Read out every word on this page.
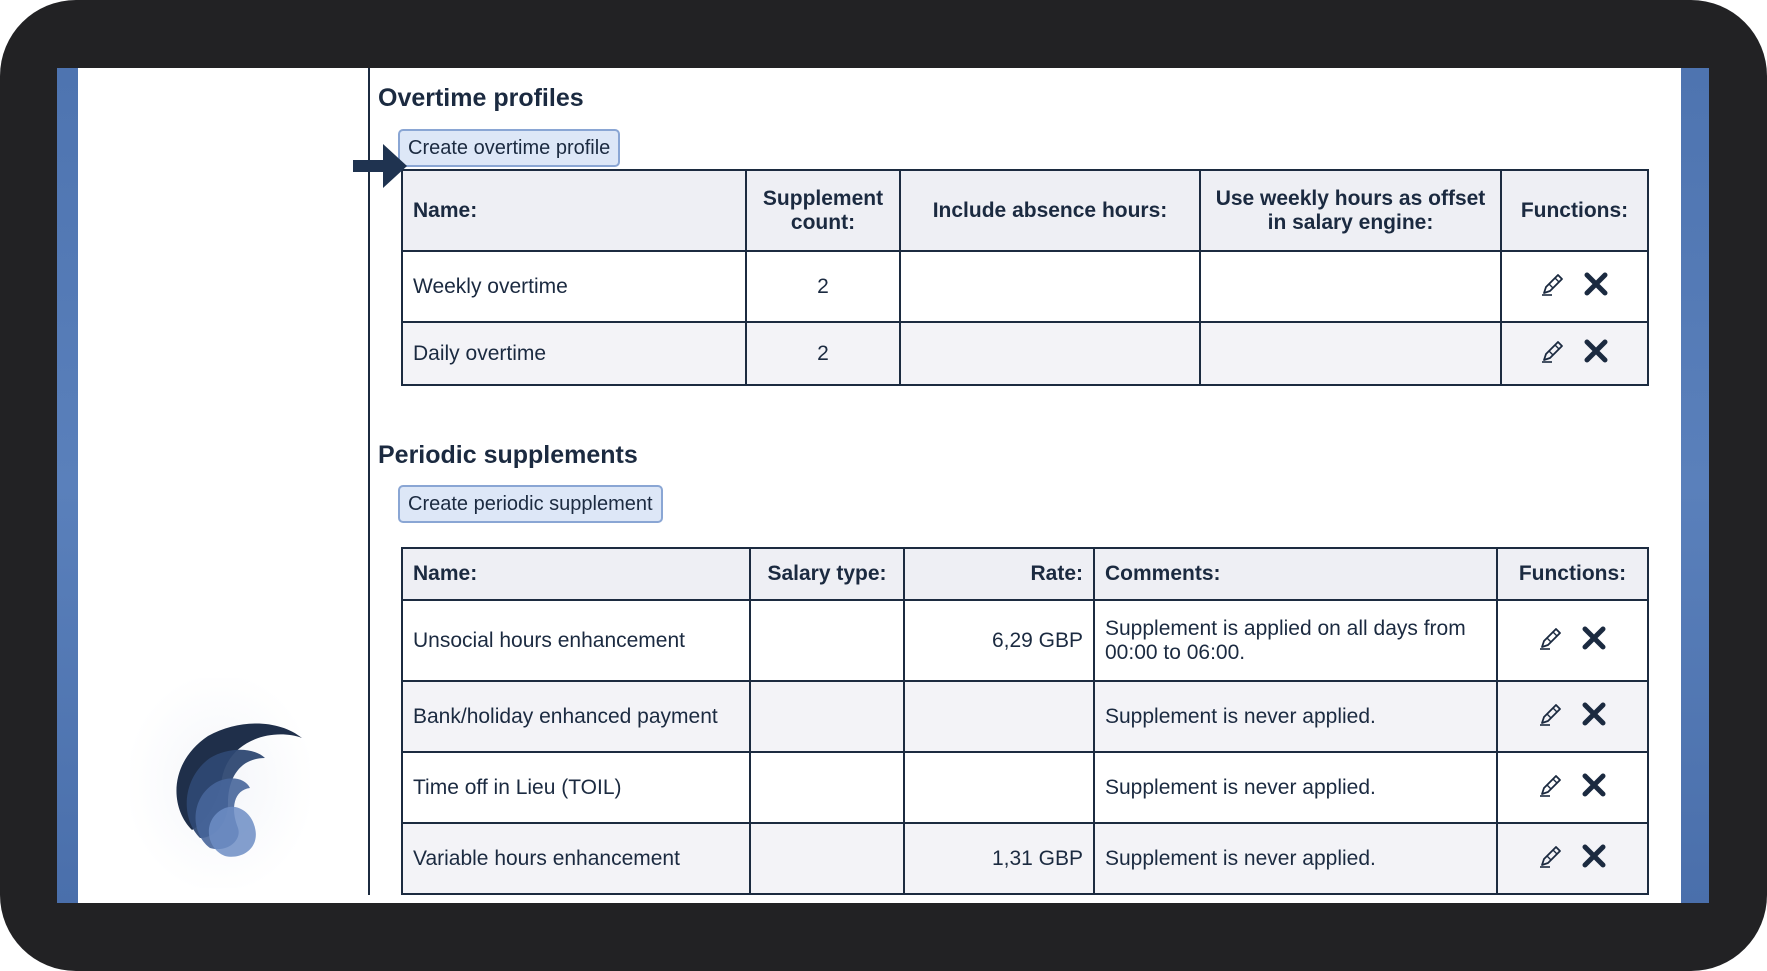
Overtime profiles
Create overtime profile
Name:	Supplement count:	Include absence hours:	Use weekly hours as offset in salary engine:	Functions:
Weekly overtime	2			
Daily overtime	2			
Periodic supplements
Create periodic supplement
Name:	Salary type:	Rate:	Comments:	Functions:
Unsocial hours enhancement		6,29 GBP	Supplement is applied on all days from 00:00 to 06:00.	
Bank/holiday enhanced payment			Supplement is never applied.	
Time off in Lieu (TOIL)			Supplement is never applied.	
Variable hours enhancement		1,31 GBP	Supplement is never applied.	
